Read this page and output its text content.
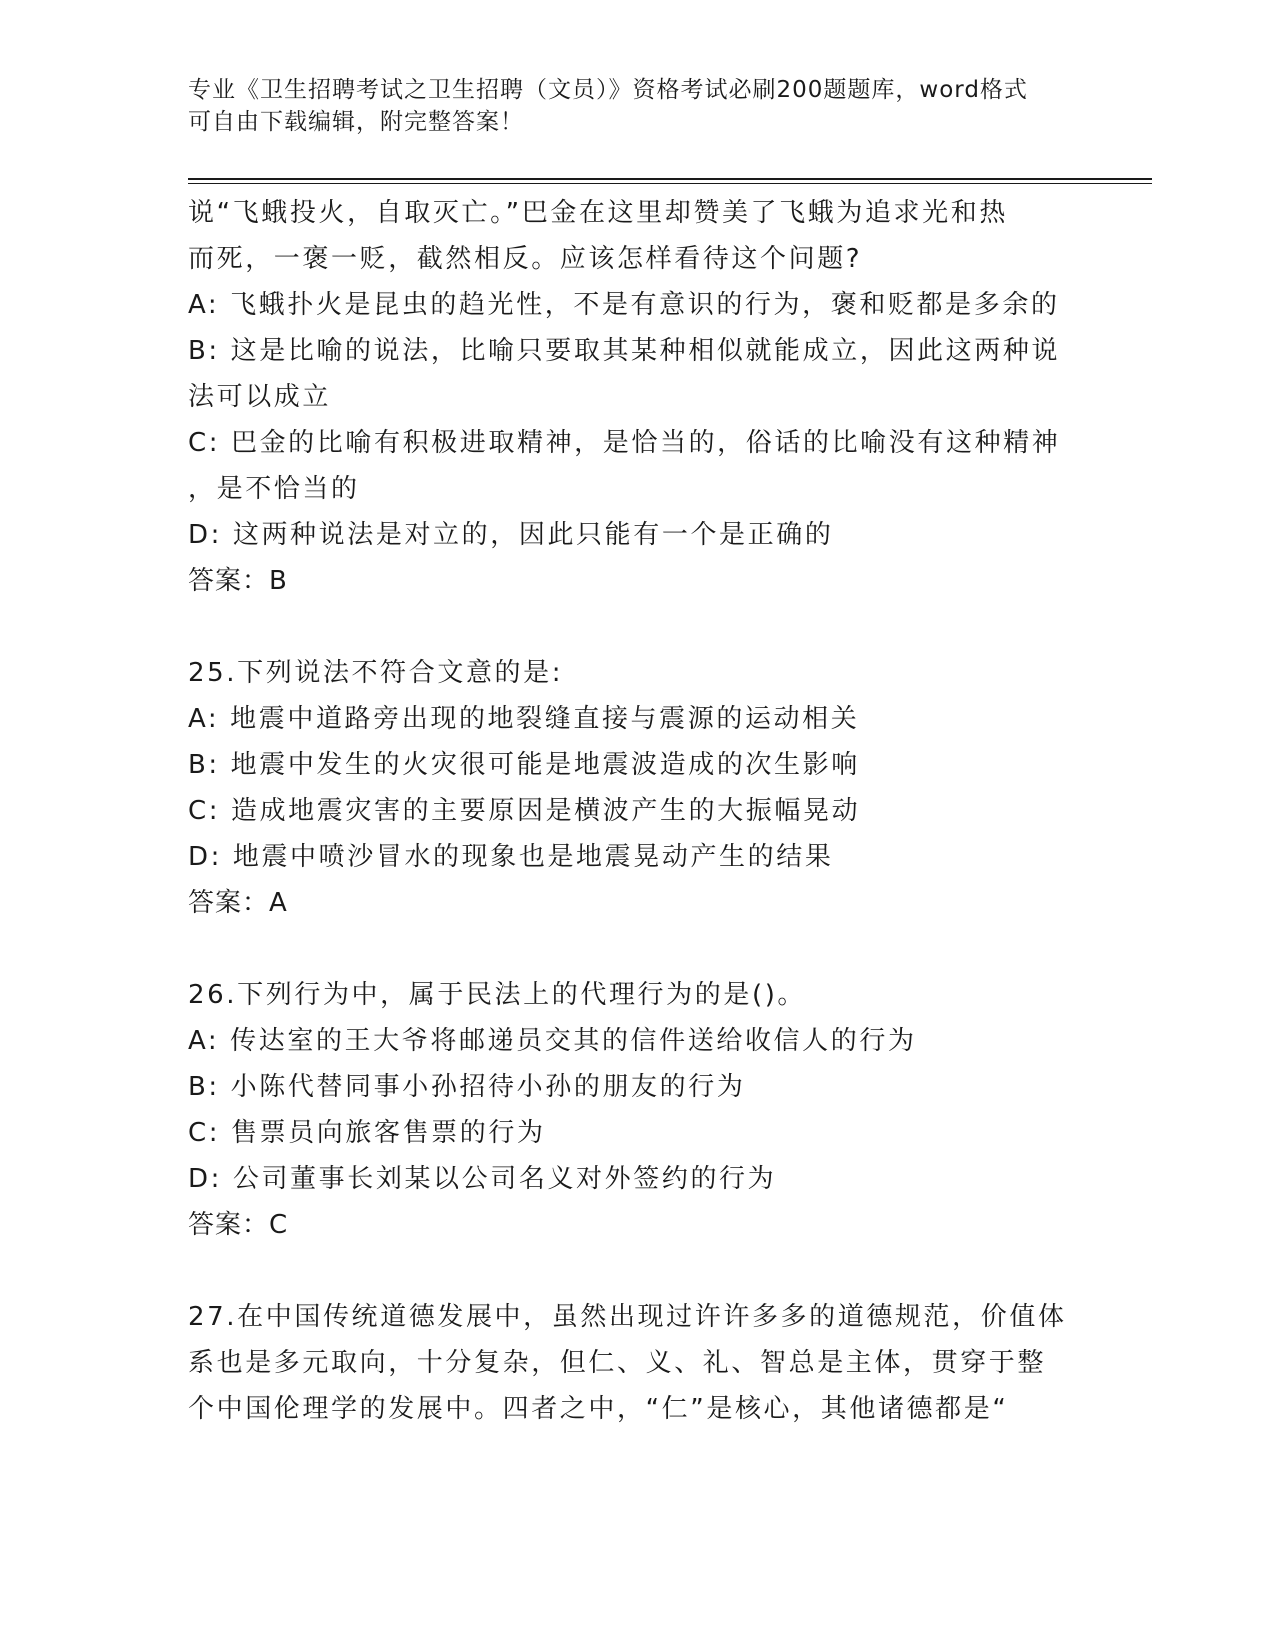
专业《卫生招聘考试之卫生招聘（文员）》资格考试必刷200题题库，word格式
可自由下载编辑，附完整答案！
说“飞蛾投火，自取灭亡。”巴金在这里却赞美了飞蛾为追求光和热
而死，一褒一贬，截然相反。应该怎样看待这个问题?
A: 飞蛾扑火是昆虫的趋光性，不是有意识的行为，褒和贬都是多余的
B: 这是比喻的说法，比喻只要取其某种相似就能成立，因此这两种说
法可以成立
C: 巴金的比喻有积极进取精神，是恰当的，俗话的比喻没有这种精神
，是不恰当的
D: 这两种说法是对立的，因此只能有一个是正确的
答案：B
25.下列说法不符合文意的是:
A: 地震中道路旁出现的地裂缝直接与震源的运动相关
B: 地震中发生的火灾很可能是地震波造成的次生影响
C: 造成地震灾害的主要原因是横波产生的大振幅晃动
D: 地震中喷沙冒水的现象也是地震晃动产生的结果
答案：A
26.下列行为中，属于民法上的代理行为的是()。
A: 传达室的王大爷将邮递员交其的信件送给收信人的行为
B: 小陈代替同事小孙招待小孙的朋友的行为
C: 售票员向旅客售票的行为
D: 公司董事长刘某以公司名义对外签约的行为
答案：C
27.在中国传统道德发展中，虽然出现过许许多多的道德规范，价值体
系也是多元取向，十分复杂，但仁、义、礼、智总是主体，贯穿于整
个中国伦理学的发展中。四者之中，“仁”是核心，其他诸德都是“
